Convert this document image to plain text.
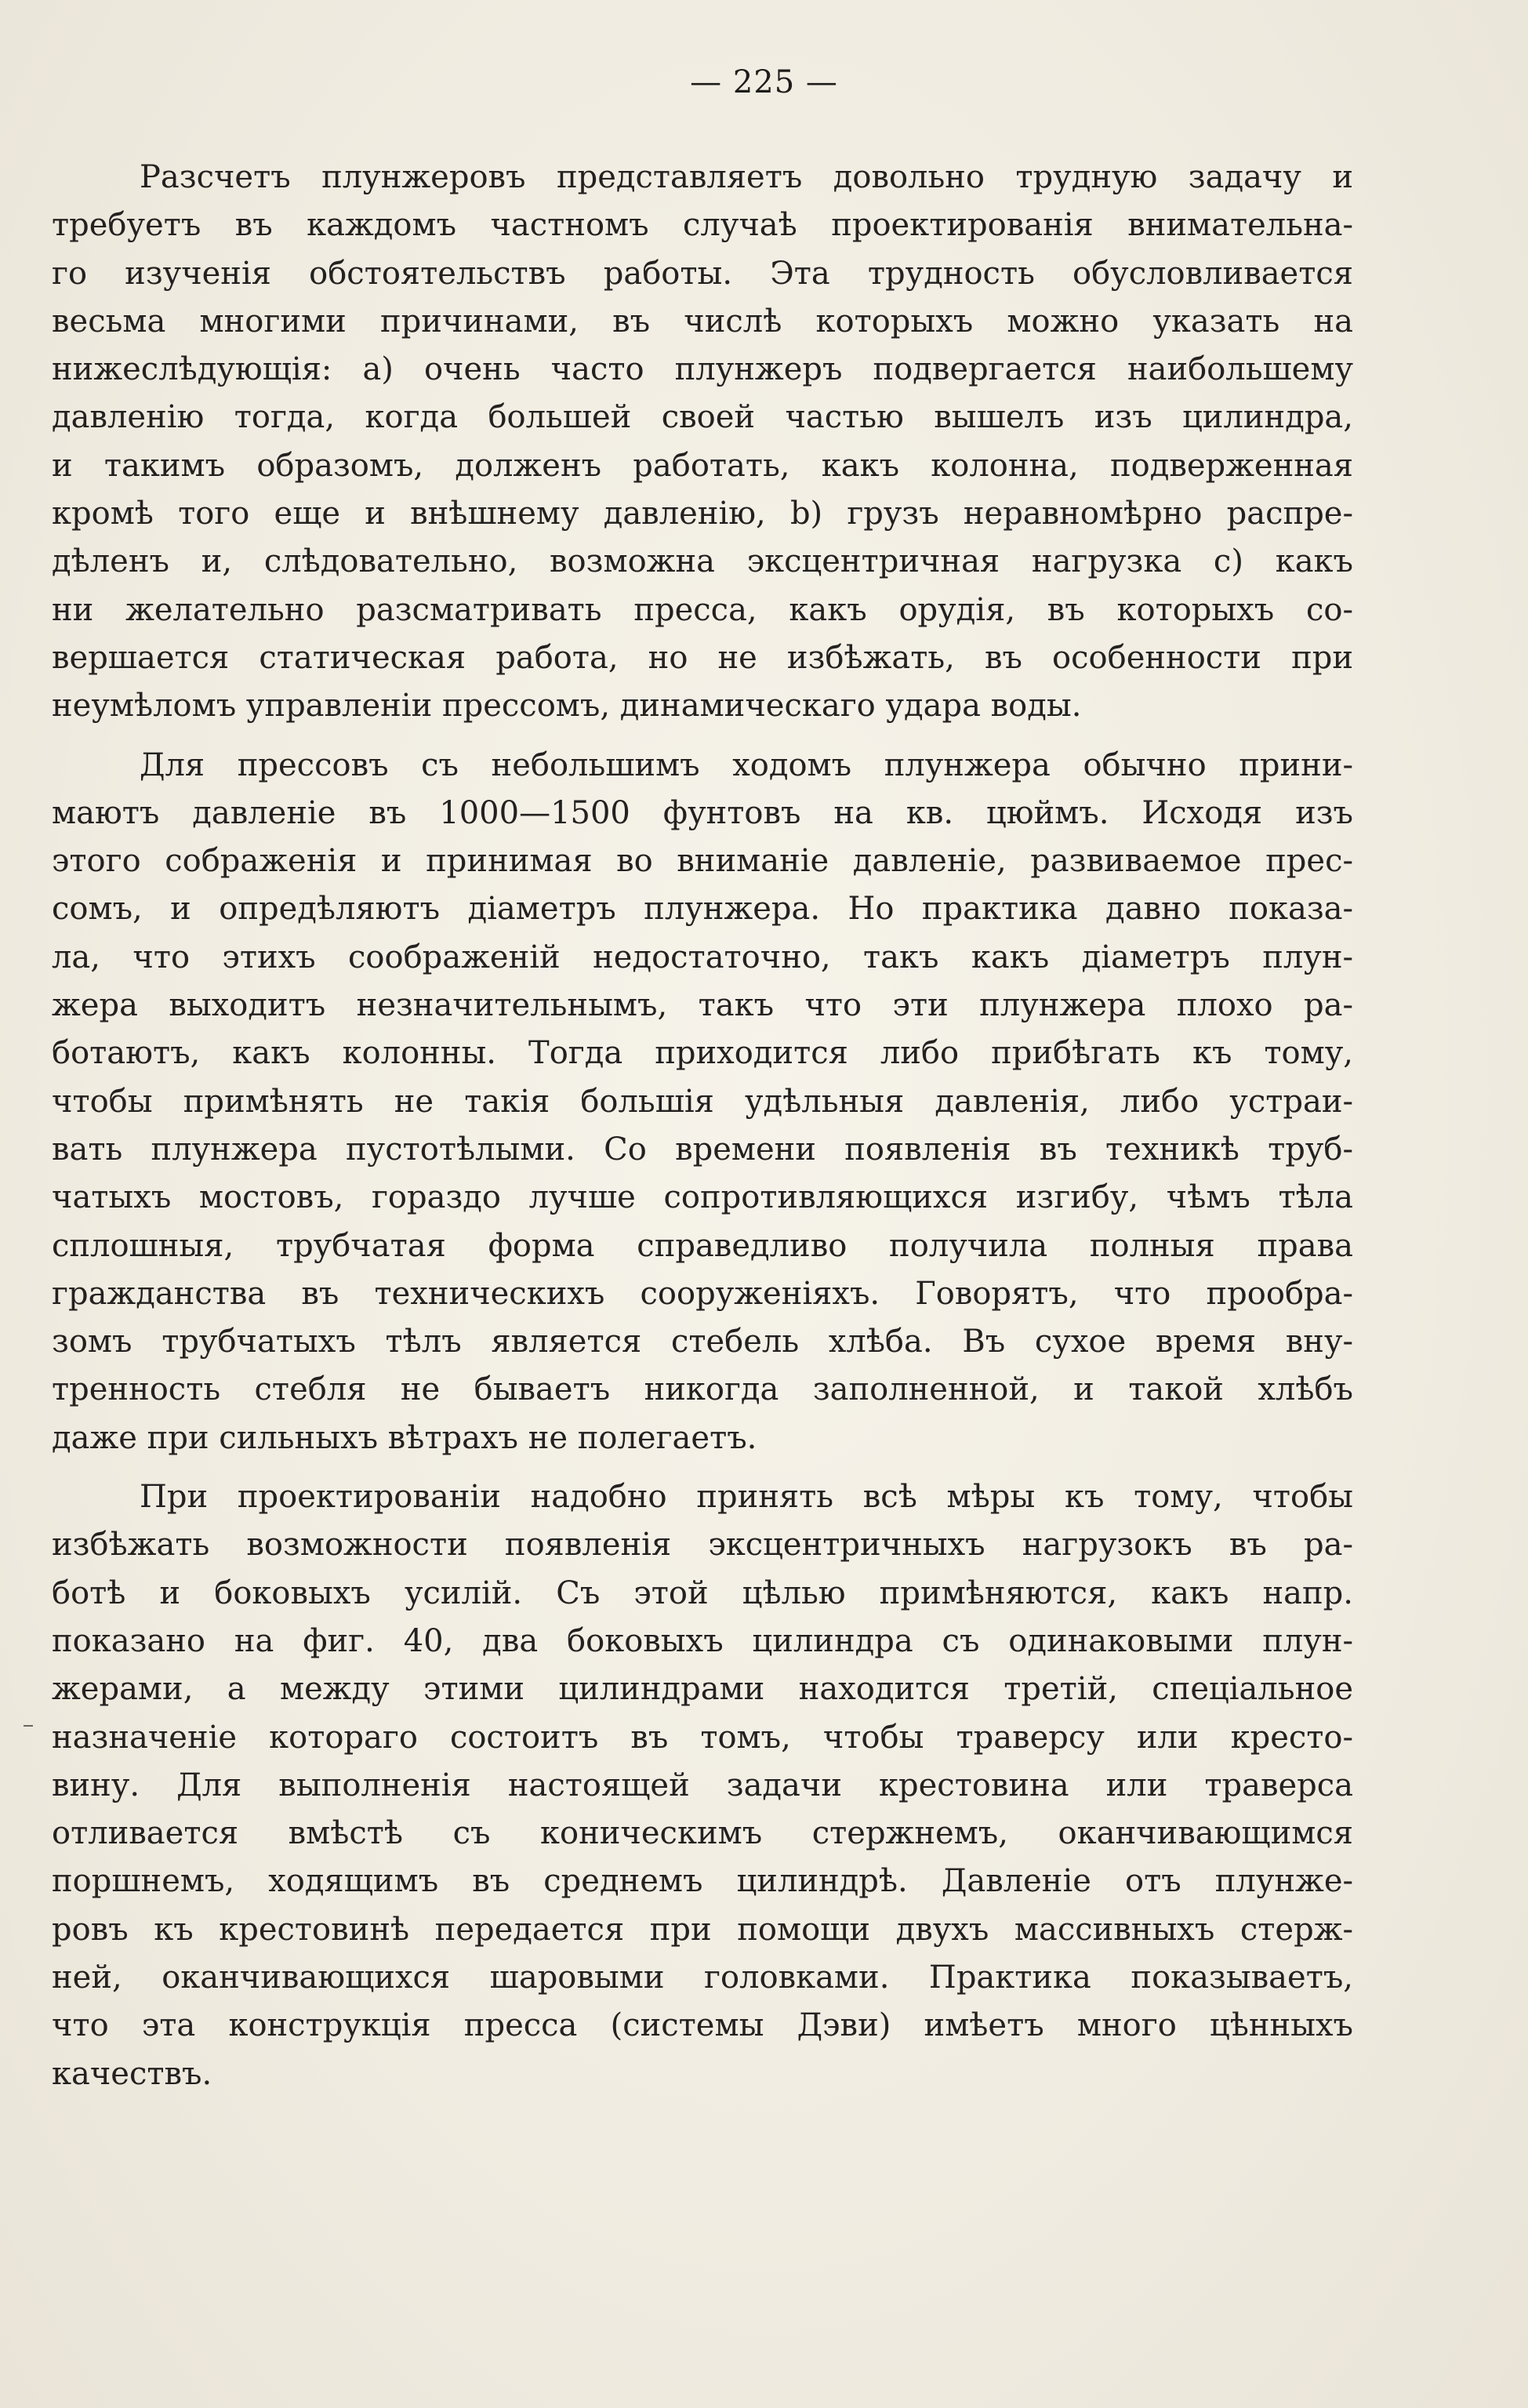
— 225 —
Разсчетъ плунжеровъ представляетъ довольно трудную задачу и
требуетъ въ каждомъ частномъ случаѣ проектированія внимательна-
го изученія обстоятельствъ работы. Эта трудность обусловливается
весьма многими причинами, въ числѣ которыхъ можно указать на
нижеслѣдующія: а) очень часто плунжеръ подвергается наибольшему
давленію тогда, когда большей своей частью вышелъ изъ цилиндра,
и такимъ образомъ, долженъ работать, какъ колонна, подверженная
кромѣ того еще и внѣшнему давленію, b) грузъ неравномѣрно распре-
дѣленъ и, слѣдовательно, возможна эксцентричная нагрузка с) какъ
ни желательно разсматривать пресса, какъ орудія, въ которыхъ со-
вершается статическая работа, но не избѣжать, въ особенности при
неумѣломъ управленіи прессомъ, динамическаго удара воды.
Для прессовъ съ небольшимъ ходомъ плунжера обычно прини-
маютъ давленіе въ 1000—1500 фунтовъ на кв. цюймъ. Исходя изъ
этого сображенія и принимая во вниманіе давленіе, развиваемое прес-
сомъ, и опредѣляютъ діаметръ плунжера. Но практика давно показа-
ла, что этихъ соображеній недостаточно, такъ какъ діаметръ плун-
жера выходитъ незначительнымъ, такъ что эти плунжера плохо ра-
ботаютъ, какъ колонны. Тогда приходится либо прибѣгать къ тому,
чтобы примѣнять не такія большія удѣльныя давленія, либо устраи-
вать плунжера пустотѣлыми. Со времени появленія въ техникѣ труб-
чатыхъ мостовъ, гораздо лучше сопротивляющихся изгибу, чѣмъ тѣла
сплошныя, трубчатая форма справедливо получила полныя права
гражданства въ техническихъ сооруженіяхъ. Говорятъ, что прообра-
зомъ трубчатыхъ тѣлъ является стебель хлѣба. Въ сухое время вну-
тренность стебля не бываетъ никогда заполненной, и такой хлѣбъ
даже при сильныхъ вѣтрахъ не полегаетъ.
При проектированіи надобно принять всѣ мѣры къ тому, чтобы
избѣжать возможности появленія эксцентричныхъ нагрузокъ въ ра-
ботѣ и боковыхъ усилій. Съ этой цѣлью примѣняются, какъ напр.
показано на фиг. 40, два боковыхъ цилиндра съ одинаковыми плун-
жерами, а между этими цилиндрами находится третій, спеціальное
назначеніе котораго состоитъ въ томъ, чтобы траверсу или кресто-
вину. Для выполненія настоящей задачи крестовина или траверса
отливается вмѣстѣ съ коническимъ стержнемъ, оканчивающимся
поршнемъ, ходящимъ въ среднемъ цилиндрѣ. Давленіе отъ плунже-
ровъ къ крестовинѣ передается при помощи двухъ массивныхъ стерж-
ней, оканчивающихся шаровыми головками. Практика показываетъ,
что эта конструкція пресса (системы Дэви) имѣетъ много цѣнныхъ
качествъ.
